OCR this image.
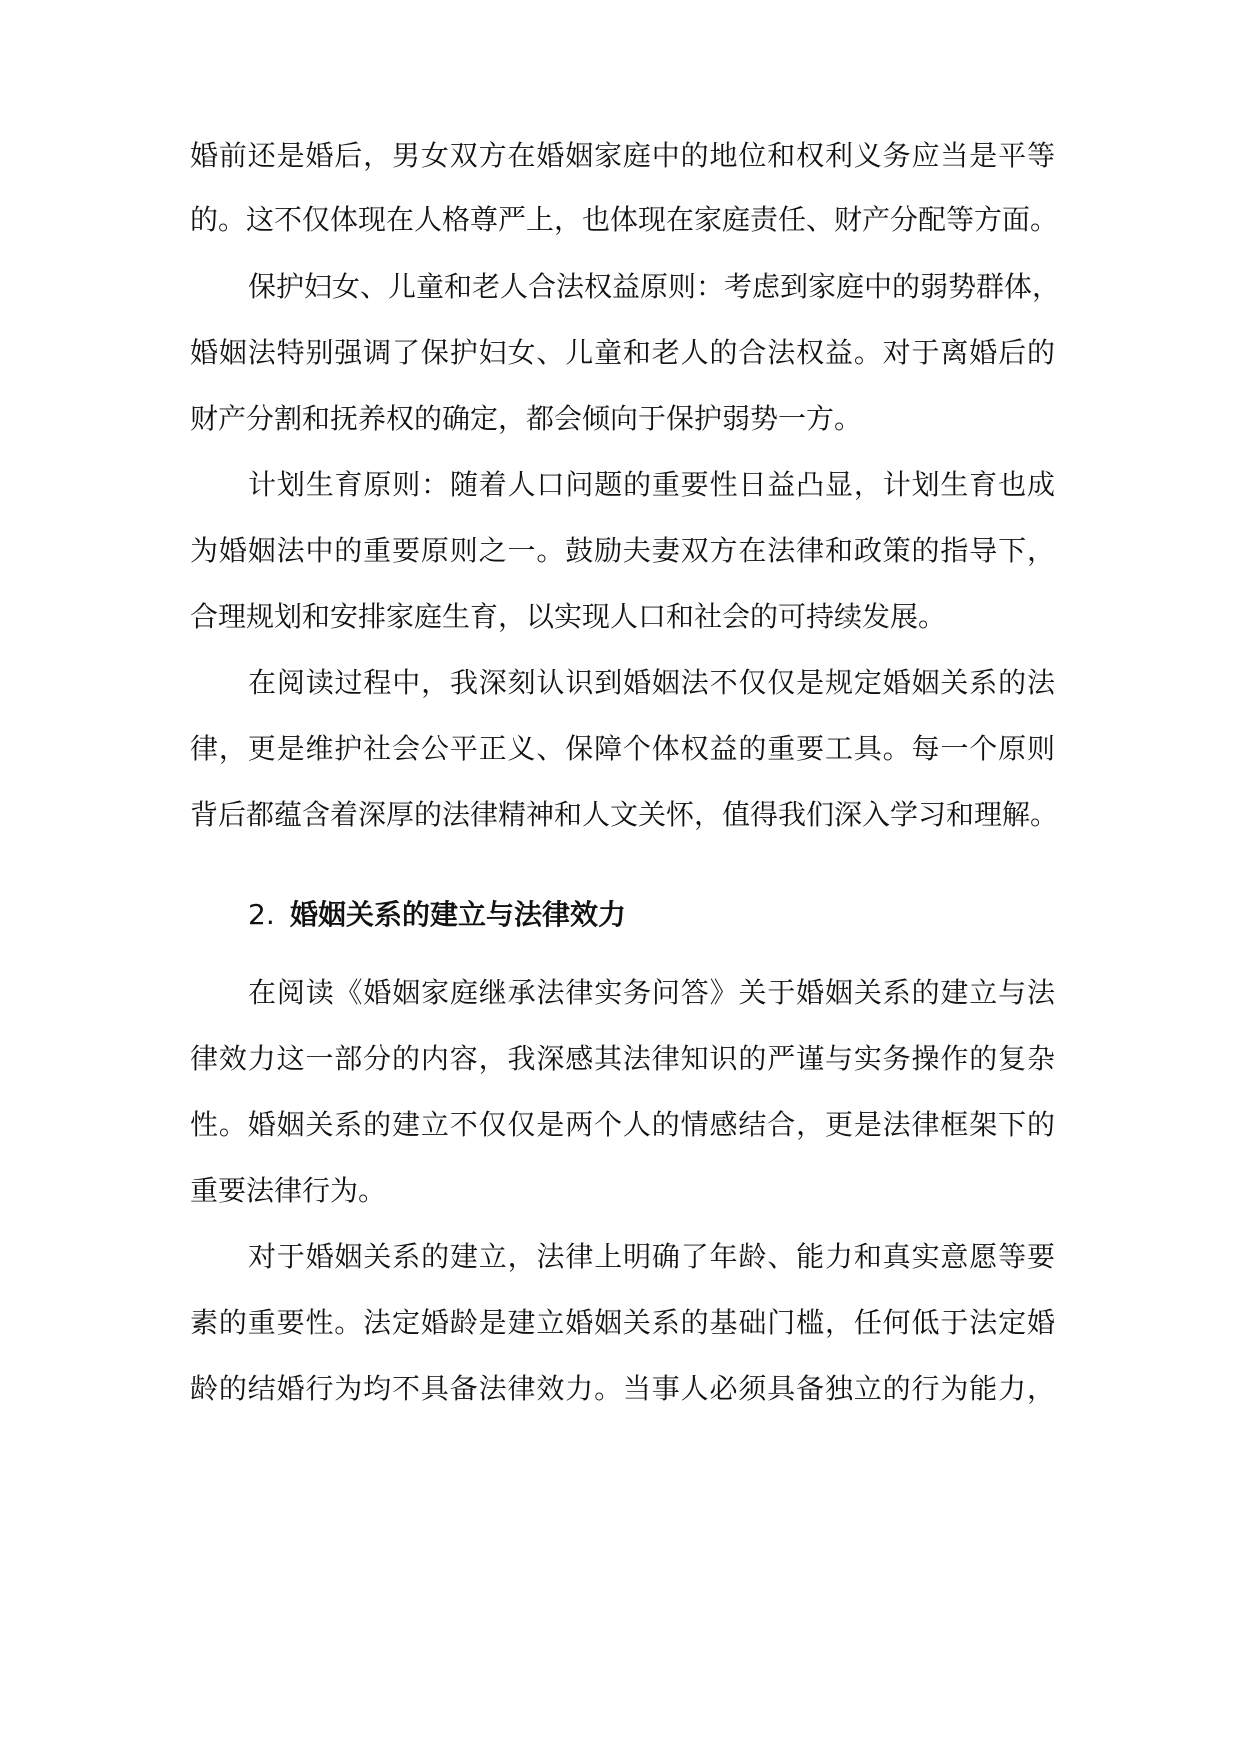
婚前还是婚后，男女双方在婚姻家庭中的地位和权利义务应当是平等
的。这不仅体现在人格尊严上，也体现在家庭责任、财产分配等方面。
保护妇女、儿童和老人合法权益原则：考虑到家庭中的弱势群体，
婚姻法特别强调了保护妇女、儿童和老人的合法权益。对于离婚后的
财产分割和抚养权的确定，都会倾向于保护弱势一方。
计划生育原则：随着人口问题的重要性日益凸显，计划生育也成
为婚姻法中的重要原则之一。鼓励夫妻双方在法律和政策的指导下，
合理规划和安排家庭生育，以实现人口和社会的可持续发展。
在阅读过程中，我深刻认识到婚姻法不仅仅是规定婚姻关系的法
律，更是维护社会公平正义、保障个体权益的重要工具。每一个原则
背后都蕴含着深厚的法律精神和人文关怀，值得我们深入学习和理解。
2. 婚姻关系的建立与法律效力
在阅读《婚姻家庭继承法律实务问答》关于婚姻关系的建立与法
律效力这一部分的内容，我深感其法律知识的严谨与实务操作的复杂
性。婚姻关系的建立不仅仅是两个人的情感结合，更是法律框架下的
重要法律行为。
对于婚姻关系的建立，法律上明确了年龄、能力和真实意愿等要
素的重要性。法定婚龄是建立婚姻关系的基础门槛，任何低于法定婚
龄的结婚行为均不具备法律效力。当事人必须具备独立的行为能力，
